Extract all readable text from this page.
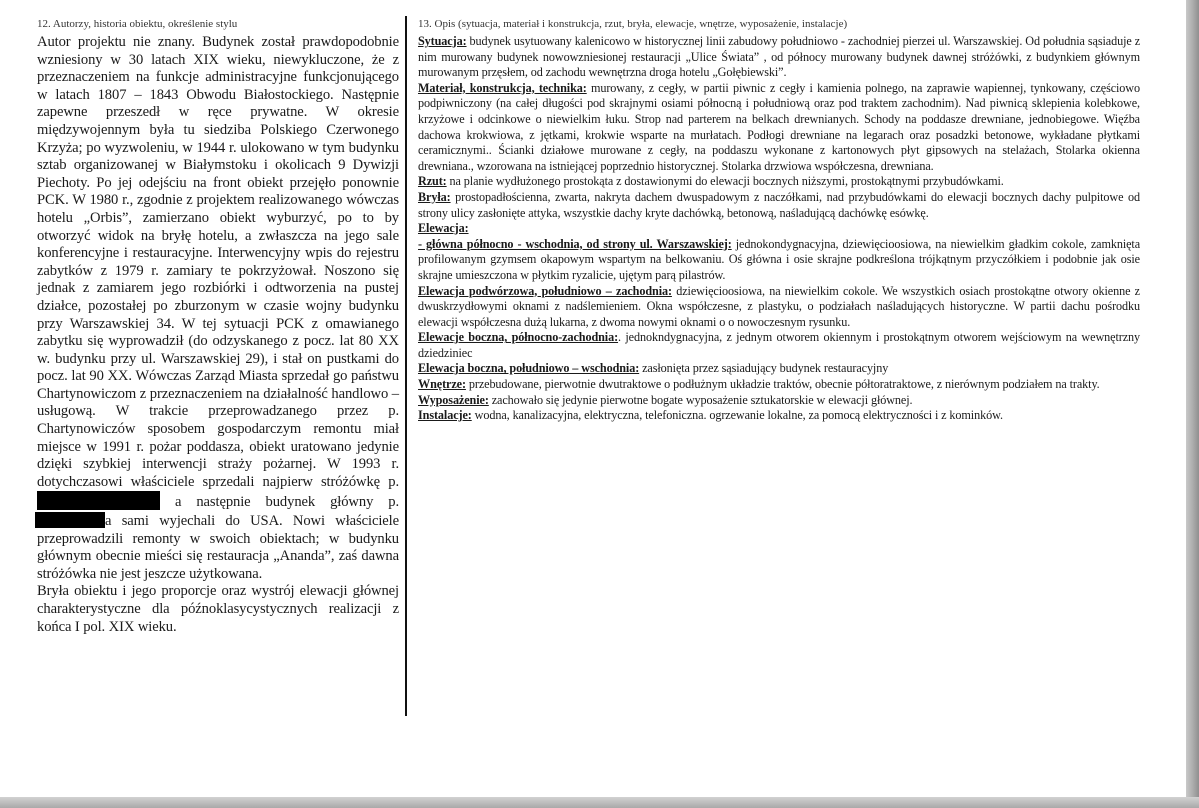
12. Autorzy, historia obiektu, określenie stylu

Autor projektu nie znany. Budynek został prawdopodobnie wzniesiony w 30 latach XIX wieku, niewykluczone, że z przeznaczeniem na funkcje administracyjne funkcjonującego w latach 1807 – 1843 Obwodu Białostockiego. Następnie zapewne przeszedł w ręce prywatne. W okresie międzywojennym była tu siedziba Polskiego Czerwonego Krzyża; po wyzwoleniu, w 1944 r. ulokowano w tym budynku sztab organizowanej w Białymstoku i okolicach 9 Dywizji Piechoty. Po jej odejściu na front obiekt przejęło ponownie PCK. W 1980 r., zgodnie z projektem realizowanego wówczas hotelu „Orbis”, zamierzano obiekt wyburzyć, po to by otworzyć widok na bryłę hotelu, a zwłaszcza na jego sale konferencyjne i restauracyjne. Interwencyjny wpis do rejestru zabytków z 1979 r. zamiary te pokrzyżował. Noszono się jednak z zamiarem jego rozbiórki i odtworzenia na pustej działce, pozostałej po zburzonym w czasie wojny budynku przy Warszawskiej 34. W tej sytuacji PCK z omawianego zabytku się wyprowadził (do odzyskanego z pocz. lat 80 XX w. budynku przy ul. Warszawskiej 29), i stał on pustkami do pocz. lat 90 XX. Wówczas Zarząd Miasta sprzedał go państwu Chartynowiczom z przeznaczeniem na działalność handlowo – usługową. W trakcie przeprowadzanego przez p. Chartynowiczów sposobem gospodarczym remontu miał miejsce w 1991 r. pożar poddasza, obiekt uratowano jedynie dzięki szybkiej interwencji straży pożarnej. W 1993 r. dotychczasowi właściciele sprzedali najpierw stróżówkę p.  a następnie budynek główny p. a sami wyjechali do USA. Nowi właściciele przeprowadzili remonty w swoich obiektach; w budynku głównym obecnie mieści się restauracja „Ananda”, zaś dawna stróżówka nie jest jeszcze użytkowana.

Bryła obiektu i jego proporcje oraz wystrój elewacji głównej charakterystyczne dla późnoklasycystycznych realizacji z końca I pol. XIX wieku.

13. Opis (sytuacja, materiał i konstrukcja, rzut, bryła, elewacje, wnętrze, wyposażenie, instalacje)

Sytuacja: budynek usytuowany kalenicowo w historycznej linii zabudowy południowo - zachodniej pierzei ul. Warszawskiej. Od południa sąsiaduje z nim murowany budynek nowowzniesionej restauracji „Ulice Świata” , od północy murowany budynek dawnej stróżówki, z budynkiem głównym murowanym przęsłem, od zachodu wewnętrzna droga hotelu „Gołębiewski”.

Materiał, konstrukcja, technika: murowany, z cegły, w partii piwnic z cegły i kamienia polnego, na zaprawie wapiennej, tynkowany, częściowo podpiwniczony (na całej długości pod skrajnymi osiami północną i południową oraz pod traktem zachodnim). Nad piwnicą sklepienia kolebkowe, krzyżowe i odcinkowe o niewielkim łuku. Strop nad parterem na belkach drewnianych. Schody na poddasze drewniane, jednobiegowe. Więźba dachowa krokwiowa, z jętkami, krokwie wsparte na murłatach. Podłogi drewniane na legarach oraz posadzki betonowe, wykładane płytkami ceramicznymi.. Ścianki działowe murowane z cegły, na poddaszu wykonane z kartonowych płyt gipsowych na stelażach, Stolarka okienna drewniana., wzorowana na istniejącej poprzednio historycznej. Stolarka drzwiowa współczesna, drewniana.

Rzut: na planie wydłużonego prostokąta z dostawionymi do elewacji bocznych niższymi, prostokątnymi przybudówkami.

Bryła: prostopadłościenna, zwarta, nakryta dachem dwuspadowym z naczółkami, nad przybudówkami do elewacji bocznych dachy pulpitowe od strony ulicy zasłonięte attyka, wszystkie dachy kryte dachówką, betonową, naśladującą dachówkę esówkę.

Elewacja:

- główna północno - wschodnia, od strony ul. Warszawskiej: jednokondygnacyjna, dziewięcioosiowa, na niewielkim gładkim cokole, zamknięta profilowanym gzymsem okapowym wspartym na belkowaniu. Oś główna i osie skrajne podkreślona trójkątnym przyczółkiem i podobnie jak osie skrajne umieszczona w płytkim ryzalicie, ujętym parą pilastrów.

Elewacja podwórzowa, południowo – zachodnia: dziewięcioosiowa, na niewielkim cokole. We wszystkich osiach prostokątne otwory okienne z dwuskrzydłowymi oknami z nadślemieniem. Okna współczesne, z plastyku, o podziałach naśladujących historyczne. W partii dachu pośrodku elewacji współczesna dużą lukarna, z dwoma nowymi oknami o o nowoczesnym rysunku.

Elewacje boczna, północno-zachodnia:. jednokndygnacyjna, z jednym otworem okiennym i prostokątnym otworem wejściowym na wewnętrzny dziedziniec

Elewacja boczna, południowo – wschodnia: zasłonięta przez sąsiadujący budynek restauracyjny

Wnętrze: przebudowane, pierwotnie dwutraktowe o podłużnym układzie traktów, obecnie półtoratraktowe, z nierównym podziałem na trakty.

Wyposażenie: zachowało się jedynie pierwotne bogate wyposażenie sztukatorskie w elewacji głównej.

Instalacje: wodna, kanalizacyjna, elektryczna, telefoniczna. ogrzewanie lokalne, za pomocą elektryczności i z kominków.
